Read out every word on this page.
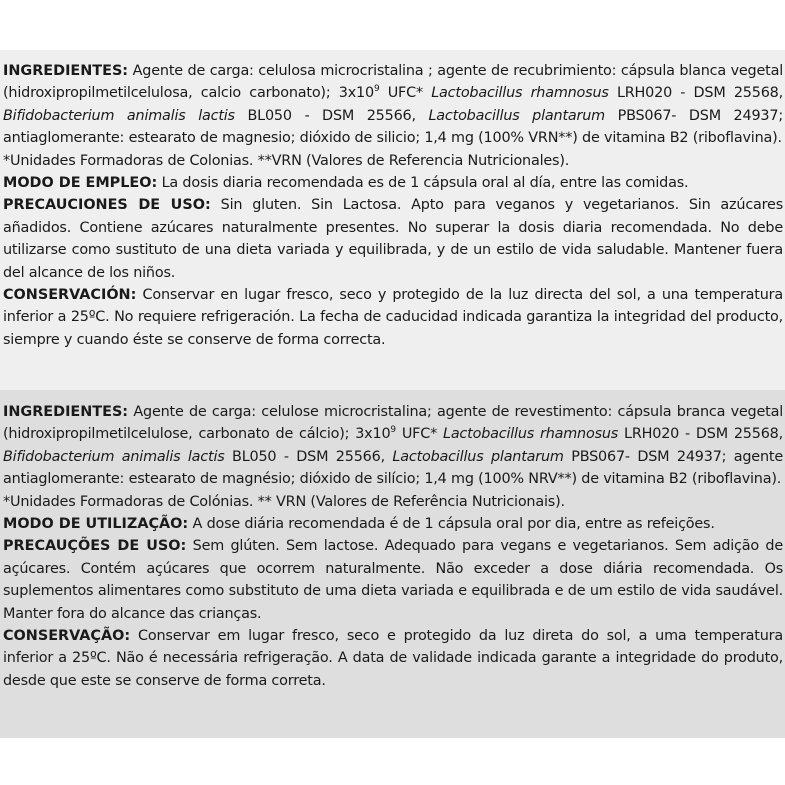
INGREDIENTES: Agente de carga: celulosa microcristalina ; agente de recubrimiento: cápsula blanca vegetal (hidroxipropilmetilcelulosa, calcio carbonato); $3x10^9$ UFC* Lactobacillus rhamnosus LRH020 - DSM 25568, Bifidobacterium animalis lactis BL050 - DSM 25566, Lactobacillus plantarum PBS067- DSM 24937; antiaglomerante: estearato de magnesio; dióxido de silicio; 1,4 mg (100% VRN**) de vitamina B2 (riboflavina).

*Unidades Formadoras de Colonias. **VRN (Valores de Referencia Nutricionales).

MODO DE EMPLEO: La dosis diaria recomendada es de 1 cápsula oral al día, entre las comidas.

PRECAUCIONES DE USO: Sin gluten. Sin Lactosa. Apto para veganos y vegetarianos. Sin azúcares añadidos. Contiene azúcares naturalmente presentes. No superar la dosis diaria recomendada. No debe utilizarse como sustituto de una dieta variada y equilibrada, y de un estilo de vida saludable. Mantener fuera del alcance de los niños.

CONSERVACIÓN: Conservar en lugar fresco, seco y protegido de la luz directa del sol, a una temperatura inferior a 25ºC. No requiere refrigeración. La fecha de caducidad indicada garantiza la integridad del producto, siempre y cuando éste se conserve de forma correcta.

INGREDIENTES: Agente de carga: celulose microcristalina; agente de revestimento: cápsula branca vegetal (hidroxipropilmetilcelulose, carbonato de cálcio); $3x10^9$ UFC* Lactobacillus rhamnosus LRH020 - DSM 25568, Bifidobacterium animalis lactis BL050 - DSM 25566, Lactobacillus plantarum PBS067- DSM 24937; agente antiaglomerante: estearato de magnésio; dióxido de silício; 1,4 mg (100% NRV**) de vitamina B2 (riboflavina).

*Unidades Formadoras de Colónias. ** VRN (Valores de Referência Nutricionais).

MODO DE UTILIZAÇÃO: A dose diária recomendada é de 1 cápsula oral por dia, entre as refeições.

PRECAUÇÕES DE USO: Sem glúten. Sem lactose. Adequado para vegans e vegetarianos. Sem adição de açúcares. Contém açúcares que ocorrem naturalmente. Não exceder a dose diária recomendada. Os suplementos alimentares como substituto de uma dieta variada e equilibrada e de um estilo de vida saudável. Manter fora do alcance das crianças.

CONSERVAÇÃO: Conservar em lugar fresco, seco e protegido da luz direta do sol, a uma temperatura inferior a 25ºC. Não é necessária refrigeração. A data de validade indicada garante a integridade do produto, desde que este se conserve de forma correta.
